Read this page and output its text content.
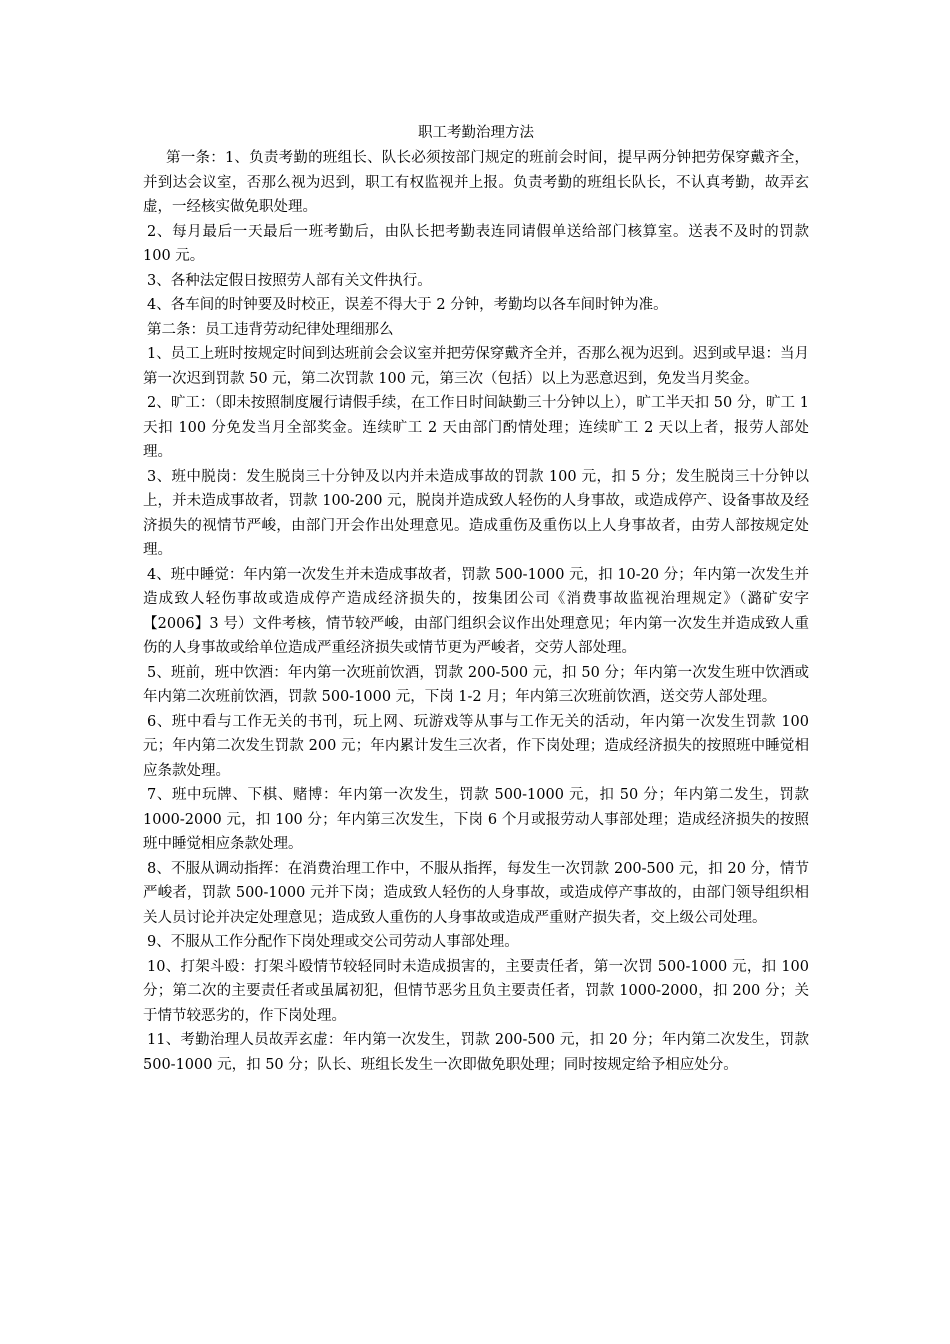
职工考勤治理方法

第一条：1、负责考勤的班组长、队长必须按部门规定的班前会时间，提早两分钟把劳保穿戴齐全，并到达会议室，否那么视为迟到，职工有权监视并上报。负责考勤的班组长队长，不认真考勤，故弄玄虚，一经核实做免职处理。

2、每月最后一天最后一班考勤后，由队长把考勤表连同请假单送给部门核算室。送表不及时的罚款 100 元。

3、各种法定假日按照劳人部有关文件执行。

4、各车间的时钟要及时校正，误差不得大于 2 分钟，考勤均以各车间时钟为准。

第二条：员工违背劳动纪律处理细那么

1、员工上班时按规定时间到达班前会会议室并把劳保穿戴齐全并，否那么视为迟到。迟到或早退：当月第一次迟到罚款 50 元，第二次罚款 100 元，第三次（包括）以上为恶意迟到，免发当月奖金。

2、旷工：（即未按照制度履行请假手续，在工作日时间缺勤三十分钟以上），旷工半天扣 50 分，旷工 1 天扣 100 分免发当月全部奖金。连续旷工 2 天由部门酌情处理；连续旷工 2 天以上者，报劳人部处理。

3、班中脱岗：发生脱岗三十分钟及以内并未造成事故的罚款 100 元，扣 5 分；发生脱岗三十分钟以上，并未造成事故者，罚款 100-200 元，脱岗并造成致人轻伤的人身事故，或造成停产、设备事故及经济损失的视情节严峻，由部门开会作出处理意见。造成重伤及重伤以上人身事故者，由劳人部按规定处理。

4、班中睡觉：年内第一次发生并未造成事故者，罚款 500-1000 元，扣 10-20 分；年内第一次发生并造成致人轻伤事故或造成停产造成经济损失的，按集团公司《消费事故监视治理规定》（潞矿安字【2006】3 号）文件考核，情节较严峻，由部门组织会议作出处理意见；年内第一次发生并造成致人重伤的人身事故或给单位造成严重经济损失或情节更为严峻者，交劳人部处理。

5、班前，班中饮酒：年内第一次班前饮酒，罚款 200-500 元，扣 50 分；年内第一次发生班中饮酒或年内第二次班前饮酒，罚款 500-1000 元，下岗 1-2 月；年内第三次班前饮酒，送交劳人部处理。

6、班中看与工作无关的书刊，玩上网、玩游戏等从事与工作无关的活动，年内第一次发生罚款 100 元；年内第二次发生罚款 200 元；年内累计发生三次者，作下岗处理；造成经济损失的按照班中睡觉相应条款处理。

7、班中玩牌、下棋、赌博：年内第一次发生，罚款 500-1000 元，扣 50 分；年内第二发生，罚款 1000-2000 元，扣 100 分；年内第三次发生，下岗 6 个月或报劳动人事部处理；造成经济损失的按照班中睡觉相应条款处理。

8、不服从调动指挥：在消费治理工作中，不服从指挥，每发生一次罚款 200-500 元，扣 20 分，情节严峻者，罚款 500-1000 元并下岗；造成致人轻伤的人身事故，或造成停产事故的，由部门领导组织相关人员讨论并决定处理意见；造成致人重伤的人身事故或造成严重财产损失者，交上级公司处理。

9、不服从工作分配作下岗处理或交公司劳动人事部处理。

10、打架斗殴：打架斗殴情节较轻同时未造成损害的，主要责任者，第一次罚 500-1000 元，扣 100 分；第二次的主要责任者或虽属初犯，但情节恶劣且负主要责任者，罚款 1000-2000，扣 200 分；关于情节较恶劣的，作下岗处理。

11、考勤治理人员故弄玄虚：年内第一次发生，罚款 200-500 元，扣 20 分；年内第二次发生，罚款 500-1000 元，扣 50 分；队长、班组长发生一次即做免职处理；同时按规定给予相应处分。
